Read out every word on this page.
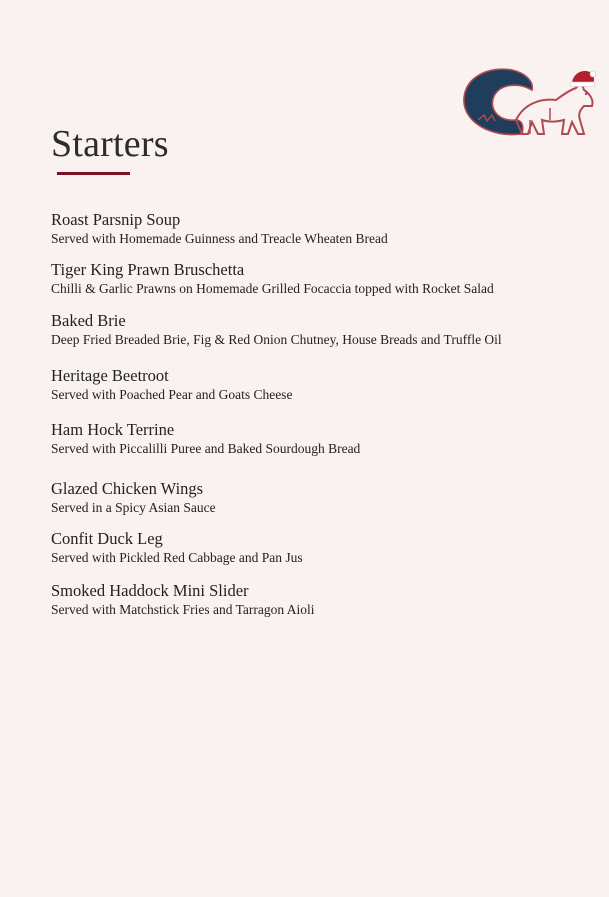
Starters
Roast Parsnip Soup
Served with Homemade Guinness and Treacle Wheaten Bread
Tiger King Prawn Bruschetta
Chilli & Garlic Prawns on Homemade Grilled Focaccia topped with Rocket Salad
Baked Brie
Deep Fried Breaded Brie, Fig & Red Onion Chutney, House Breads and Truffle Oil
Heritage Beetroot
Served with Poached Pear and Goats Cheese
Ham Hock Terrine
Served with Piccalilli Puree and Baked Sourdough Bread
Glazed Chicken Wings
Served in a Spicy Asian Sauce
Confit Duck Leg
Served with Pickled Red Cabbage and Pan Jus
Smoked Haddock Mini Slider
Served with Matchstick Fries and Tarragon Aioli
